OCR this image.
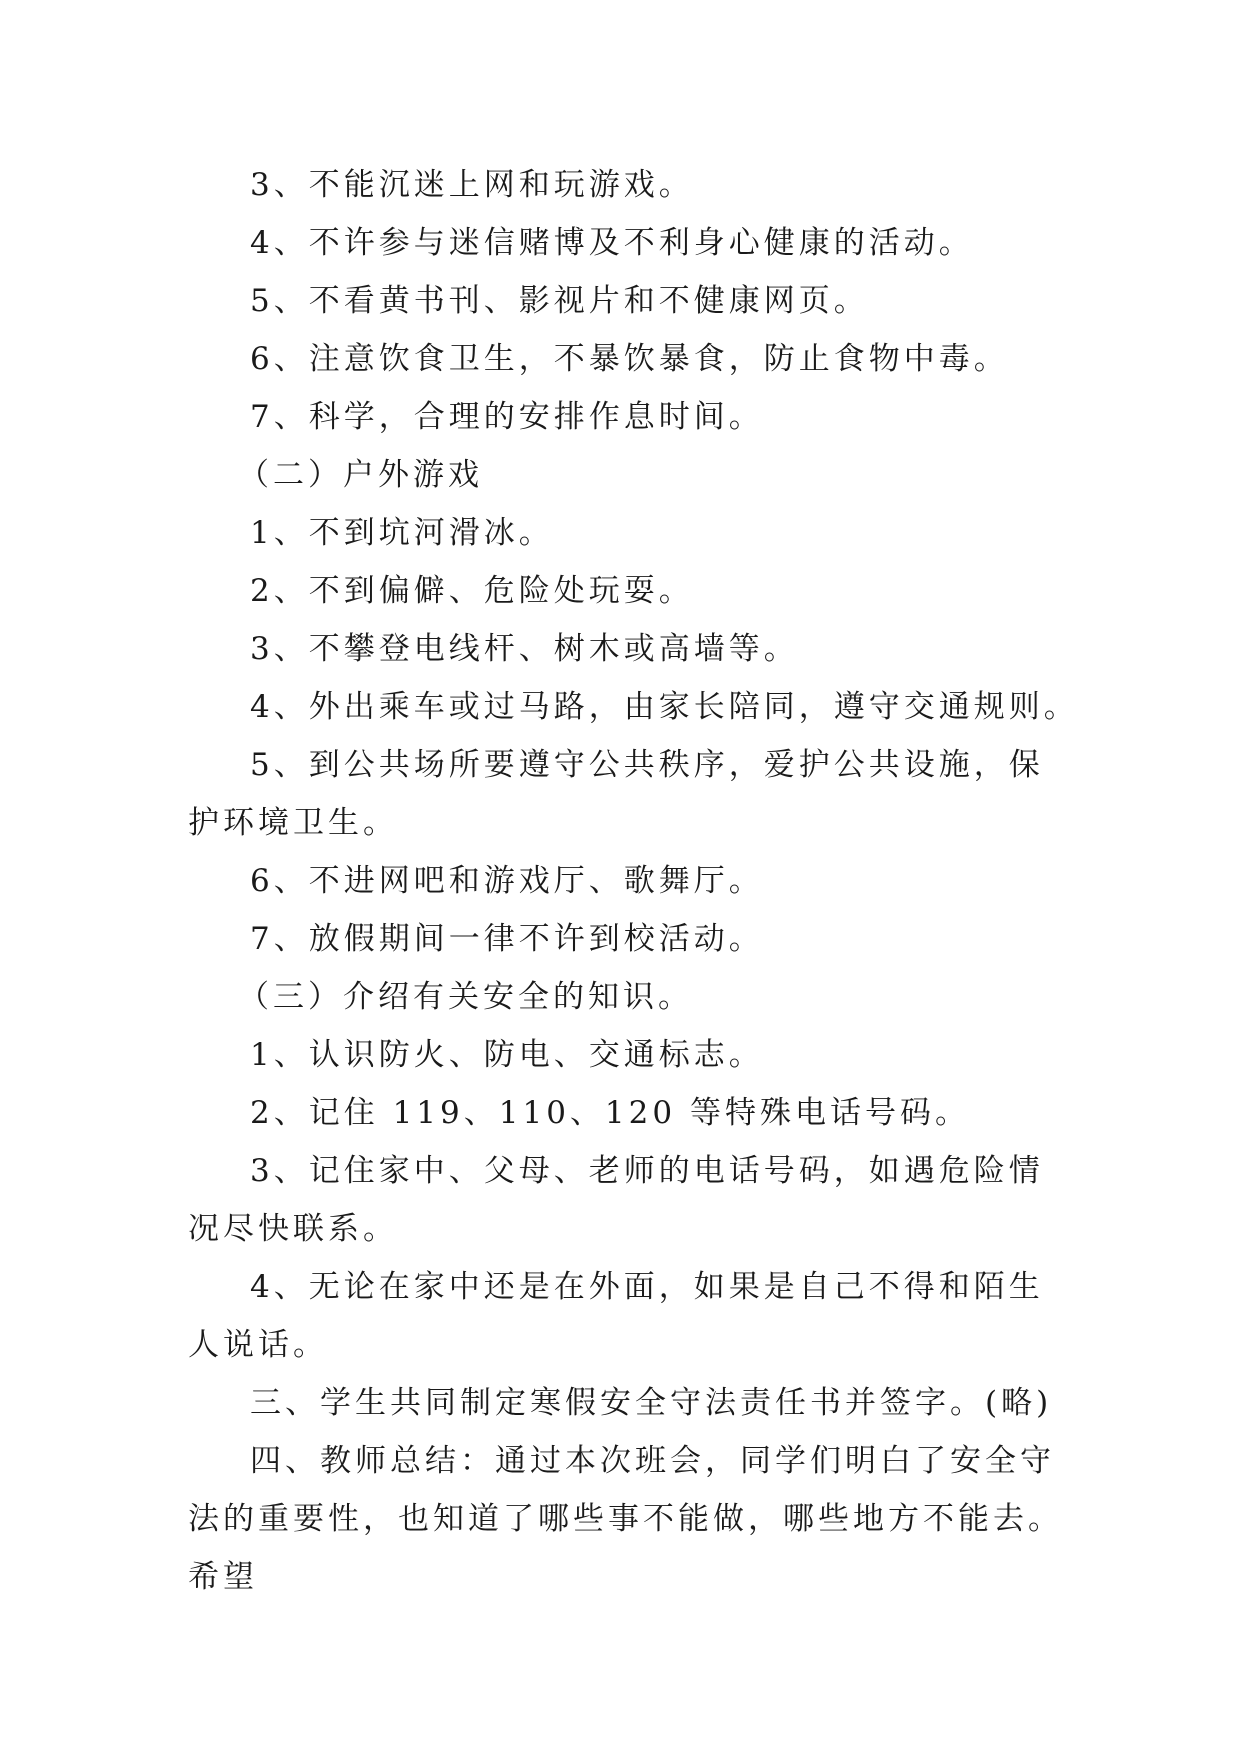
3、不能沉迷上网和玩游戏。

4、不许参与迷信赌博及不利身心健康的活动。

5、不看黄书刊、影视片和不健康网页。

6、注意饮食卫生，不暴饮暴食，防止食物中毒。

7、科学，合理的安排作息时间。

（二）户外游戏

1、不到坑河滑冰。

2、不到偏僻、危险处玩耍。

3、不攀登电线杆、树木或高墙等。

4、外出乘车或过马路，由家长陪同，遵守交通规则。

5、到公共场所要遵守公共秩序，爱护公共设施，保护环境卫生。

6、不进网吧和游戏厅、歌舞厅。

7、放假期间一律不许到校活动。

（三）介绍有关安全的知识。

1、认识防火、防电、交通标志。

2、记住 119、110、120 等特殊电话号码。

3、记住家中、父母、老师的电话号码，如遇危险情况尽快联系。

4、无论在家中还是在外面，如果是自己不得和陌生人说话。

三、学生共同制定寒假安全守法责任书并签字。(略)

四、教师总结：通过本次班会，同学们明白了安全守法的重要性，也知道了哪些事不能做，哪些地方不能去。希望
